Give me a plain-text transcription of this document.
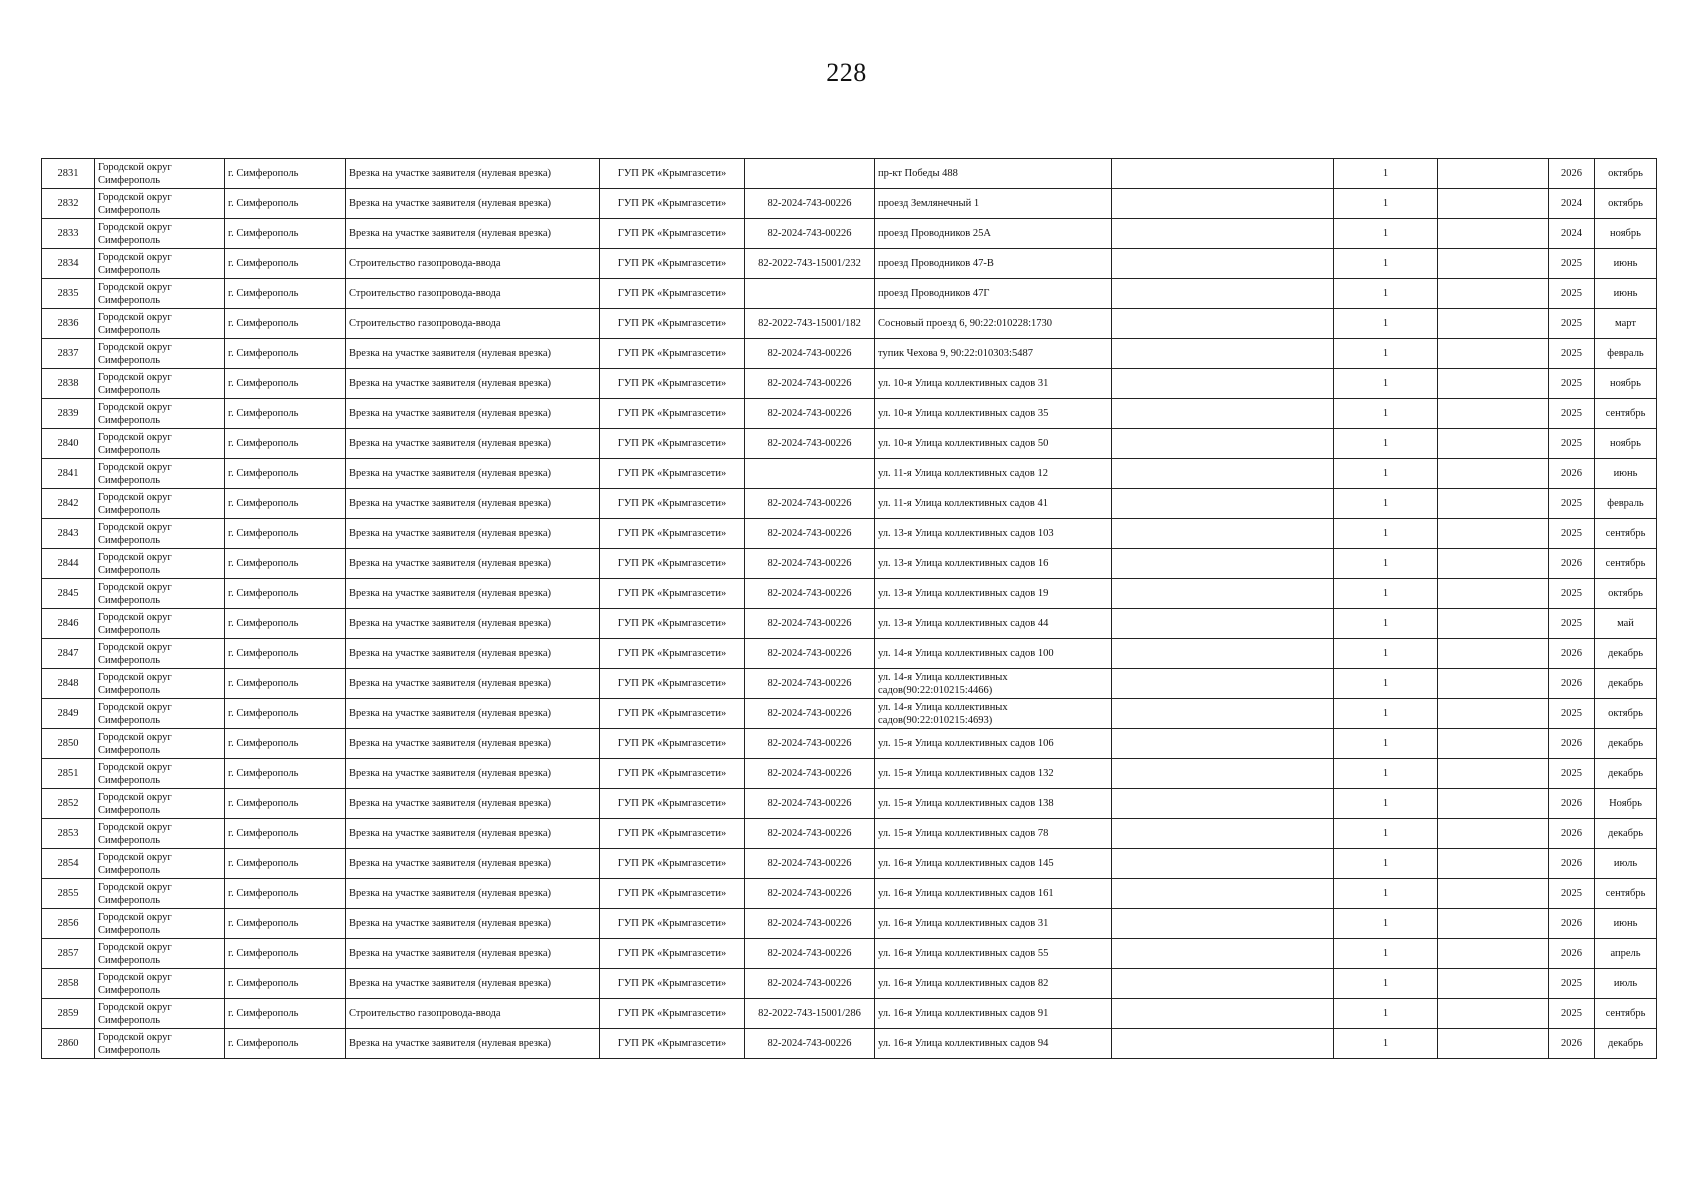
228
2831	Городской округ Симферополь	г. Симферополь	Врезка на участке заявителя (нулевая врезка)	ГУП РК «Крымгазсети»		пр-кт Победы 488		1		2026	октябрь
2832	Городской округ Симферополь	г. Симферополь	Врезка на участке заявителя (нулевая врезка)	ГУП РК «Крымгазсети»	82-2024-743-00226	проезд Землянечный 1		1		2024	октябрь
2833	Городской округ Симферополь	г. Симферополь	Врезка на участке заявителя (нулевая врезка)	ГУП РК «Крымгазсети»	82-2024-743-00226	проезд Проводников 25А		1		2024	ноябрь
2834	Городской округ Симферополь	г. Симферополь	Строительство газопровода-ввода	ГУП РК «Крымгазсети»	82-2022-743-15001/232	проезд Проводников 47-В		1		2025	июнь
2835	Городской округ Симферополь	г. Симферополь	Строительство газопровода-ввода	ГУП РК «Крымгазсети»		проезд Проводников 47Г		1		2025	июнь
2836	Городской округ Симферополь	г. Симферополь	Строительство газопровода-ввода	ГУП РК «Крымгазсети»	82-2022-743-15001/182	Сосновый проезд 6, 90:22:010228:1730		1		2025	март
2837	Городской округ Симферополь	г. Симферополь	Врезка на участке заявителя (нулевая врезка)	ГУП РК «Крымгазсети»	82-2024-743-00226	тупик Чехова 9, 90:22:010303:5487		1		2025	февраль
2838	Городской округ Симферополь	г. Симферополь	Врезка на участке заявителя (нулевая врезка)	ГУП РК «Крымгазсети»	82-2024-743-00226	ул. 10-я Улица коллективных садов 31		1		2025	ноябрь
2839	Городской округ Симферополь	г. Симферополь	Врезка на участке заявителя (нулевая врезка)	ГУП РК «Крымгазсети»	82-2024-743-00226	ул. 10-я Улица коллективных садов 35		1		2025	сентябрь
2840	Городской округ Симферополь	г. Симферополь	Врезка на участке заявителя (нулевая врезка)	ГУП РК «Крымгазсети»	82-2024-743-00226	ул. 10-я Улица коллективных садов 50		1		2025	ноябрь
2841	Городской округ Симферополь	г. Симферополь	Врезка на участке заявителя (нулевая врезка)	ГУП РК «Крымгазсети»		ул. 11-я Улица коллективных садов 12		1		2026	июнь
2842	Городской округ Симферополь	г. Симферополь	Врезка на участке заявителя (нулевая врезка)	ГУП РК «Крымгазсети»	82-2024-743-00226	ул. 11-я Улица коллективных садов 41		1		2025	февраль
2843	Городской округ Симферополь	г. Симферополь	Врезка на участке заявителя (нулевая врезка)	ГУП РК «Крымгазсети»	82-2024-743-00226	ул. 13-я Улица коллективных садов 103		1		2025	сентябрь
2844	Городской округ Симферополь	г. Симферополь	Врезка на участке заявителя (нулевая врезка)	ГУП РК «Крымгазсети»	82-2024-743-00226	ул. 13-я Улица коллективных садов 16		1		2026	сентябрь
2845	Городской округ Симферополь	г. Симферополь	Врезка на участке заявителя (нулевая врезка)	ГУП РК «Крымгазсети»	82-2024-743-00226	ул. 13-я Улица коллективных садов 19		1		2025	октябрь
2846	Городской округ Симферополь	г. Симферополь	Врезка на участке заявителя (нулевая врезка)	ГУП РК «Крымгазсети»	82-2024-743-00226	ул. 13-я Улица коллективных садов 44		1		2025	май
2847	Городской округ Симферополь	г. Симферополь	Врезка на участке заявителя (нулевая врезка)	ГУП РК «Крымгазсети»	82-2024-743-00226	ул. 14-я Улица коллективных садов 100		1		2026	декабрь
2848	Городской округ Симферополь	г. Симферополь	Врезка на участке заявителя (нулевая врезка)	ГУП РК «Крымгазсети»	82-2024-743-00226	ул. 14-я Улица коллективных садов(90:22:010215:4466)		1		2026	декабрь
2849	Городской округ Симферополь	г. Симферополь	Врезка на участке заявителя (нулевая врезка)	ГУП РК «Крымгазсети»	82-2024-743-00226	ул. 14-я Улица коллективных садов(90:22:010215:4693)		1		2025	октябрь
2850	Городской округ Симферополь	г. Симферополь	Врезка на участке заявителя (нулевая врезка)	ГУП РК «Крымгазсети»	82-2024-743-00226	ул. 15-я Улица коллективных садов 106		1		2026	декабрь
2851	Городской округ Симферополь	г. Симферополь	Врезка на участке заявителя (нулевая врезка)	ГУП РК «Крымгазсети»	82-2024-743-00226	ул. 15-я Улица коллективных садов 132		1		2025	декабрь
2852	Городской округ Симферополь	г. Симферополь	Врезка на участке заявителя (нулевая врезка)	ГУП РК «Крымгазсети»	82-2024-743-00226	ул. 15-я Улица коллективных садов 138		1		2026	Ноябрь
2853	Городской округ Симферополь	г. Симферополь	Врезка на участке заявителя (нулевая врезка)	ГУП РК «Крымгазсети»	82-2024-743-00226	ул. 15-я Улица коллективных садов 78		1		2026	декабрь
2854	Городской округ Симферополь	г. Симферополь	Врезка на участке заявителя (нулевая врезка)	ГУП РК «Крымгазсети»	82-2024-743-00226	ул. 16-я Улица коллективных садов 145		1		2026	июль
2855	Городской округ Симферополь	г. Симферополь	Врезка на участке заявителя (нулевая врезка)	ГУП РК «Крымгазсети»	82-2024-743-00226	ул. 16-я Улица коллективных садов 161		1		2025	сентябрь
2856	Городской округ Симферополь	г. Симферополь	Врезка на участке заявителя (нулевая врезка)	ГУП РК «Крымгазсети»	82-2024-743-00226	ул. 16-я Улица коллективных садов 31		1		2026	июнь
2857	Городской округ Симферополь	г. Симферополь	Врезка на участке заявителя (нулевая врезка)	ГУП РК «Крымгазсети»	82-2024-743-00226	ул. 16-я Улица коллективных садов 55		1		2026	апрель
2858	Городской округ Симферополь	г. Симферополь	Врезка на участке заявителя (нулевая врезка)	ГУП РК «Крымгазсети»	82-2024-743-00226	ул. 16-я Улица коллективных садов 82		1		2025	июль
2859	Городской округ Симферополь	г. Симферополь	Строительство газопровода-ввода	ГУП РК «Крымгазсети»	82-2022-743-15001/286	ул. 16-я Улица коллективных садов 91		1		2025	сентябрь
2860	Городской округ Симферополь	г. Симферополь	Врезка на участке заявителя (нулевая врезка)	ГУП РК «Крымгазсети»	82-2024-743-00226	ул. 16-я Улица коллективных садов 94		1		2026	декабрь
